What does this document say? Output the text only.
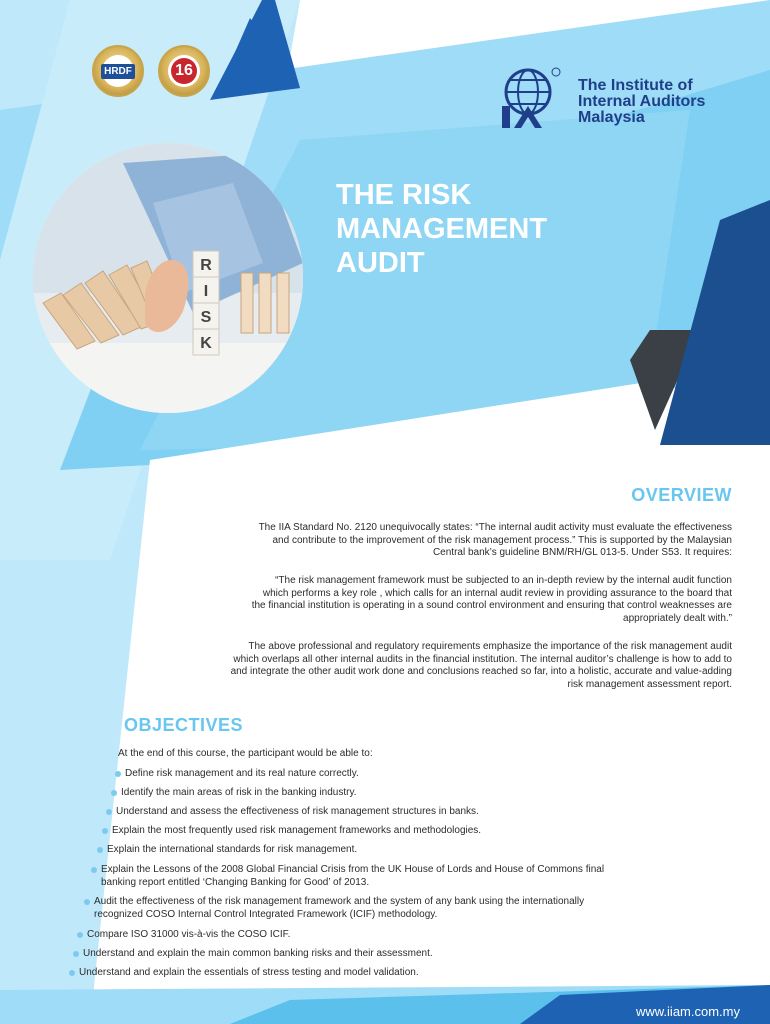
HRDF	16
The Institute of
Internal Auditors
Malaysia
R
I
S
K
THE RISK
MANAGEMENT
AUDIT
OVERVIEW
The IIA Standard No. 2120 unequivocally states: “The internal audit activity must evaluate the effectiveness
and contribute to the improvement of the risk management process.” This is supported by the Malaysian
Central bank’s guideline BNM/RH/GL 013-5. Under S53. It requires:
“The risk management framework must be subjected to an in-depth review by the internal audit function
which performs a key role , which calls for an internal audit review in providing assurance to the board that
the financial institution is operating in a sound control environment and ensuring that control weaknesses are
appropriately dealt with.”
The above professional and regulatory requirements emphasize the importance of the risk management audit
which overlaps all other internal audits in the financial institution. The internal auditor’s challenge is how to add to
and integrate the other audit work done and conclusions reached so far, into a holistic, accurate and value-adding
risk management assessment report.
OBJECTIVES
At the end of this course, the participant would be able to:
Define risk management and its real nature correctly.
Identify the main areas of risk in the banking industry.
Understand and assess the effectiveness of risk management structures in banks.
Explain the most frequently used risk management frameworks and methodologies.
Explain the international standards for risk management.
Explain the Lessons of the 2008 Global Financial Crisis from the UK House of Lords and House of Commons final
banking report entitled ‘Changing Banking for Good’ of 2013.
Audit the effectiveness of the risk management framework and the system of any bank using the internationally
recognized COSO Internal Control Integrated Framework (ICIF) methodology.
Compare ISO 31000 vis-à-vis the COSO ICIF.
Understand and explain the main common banking risks and their assessment.
Understand and explain the essentials of stress testing and model validation.
www.iiam.com.my
